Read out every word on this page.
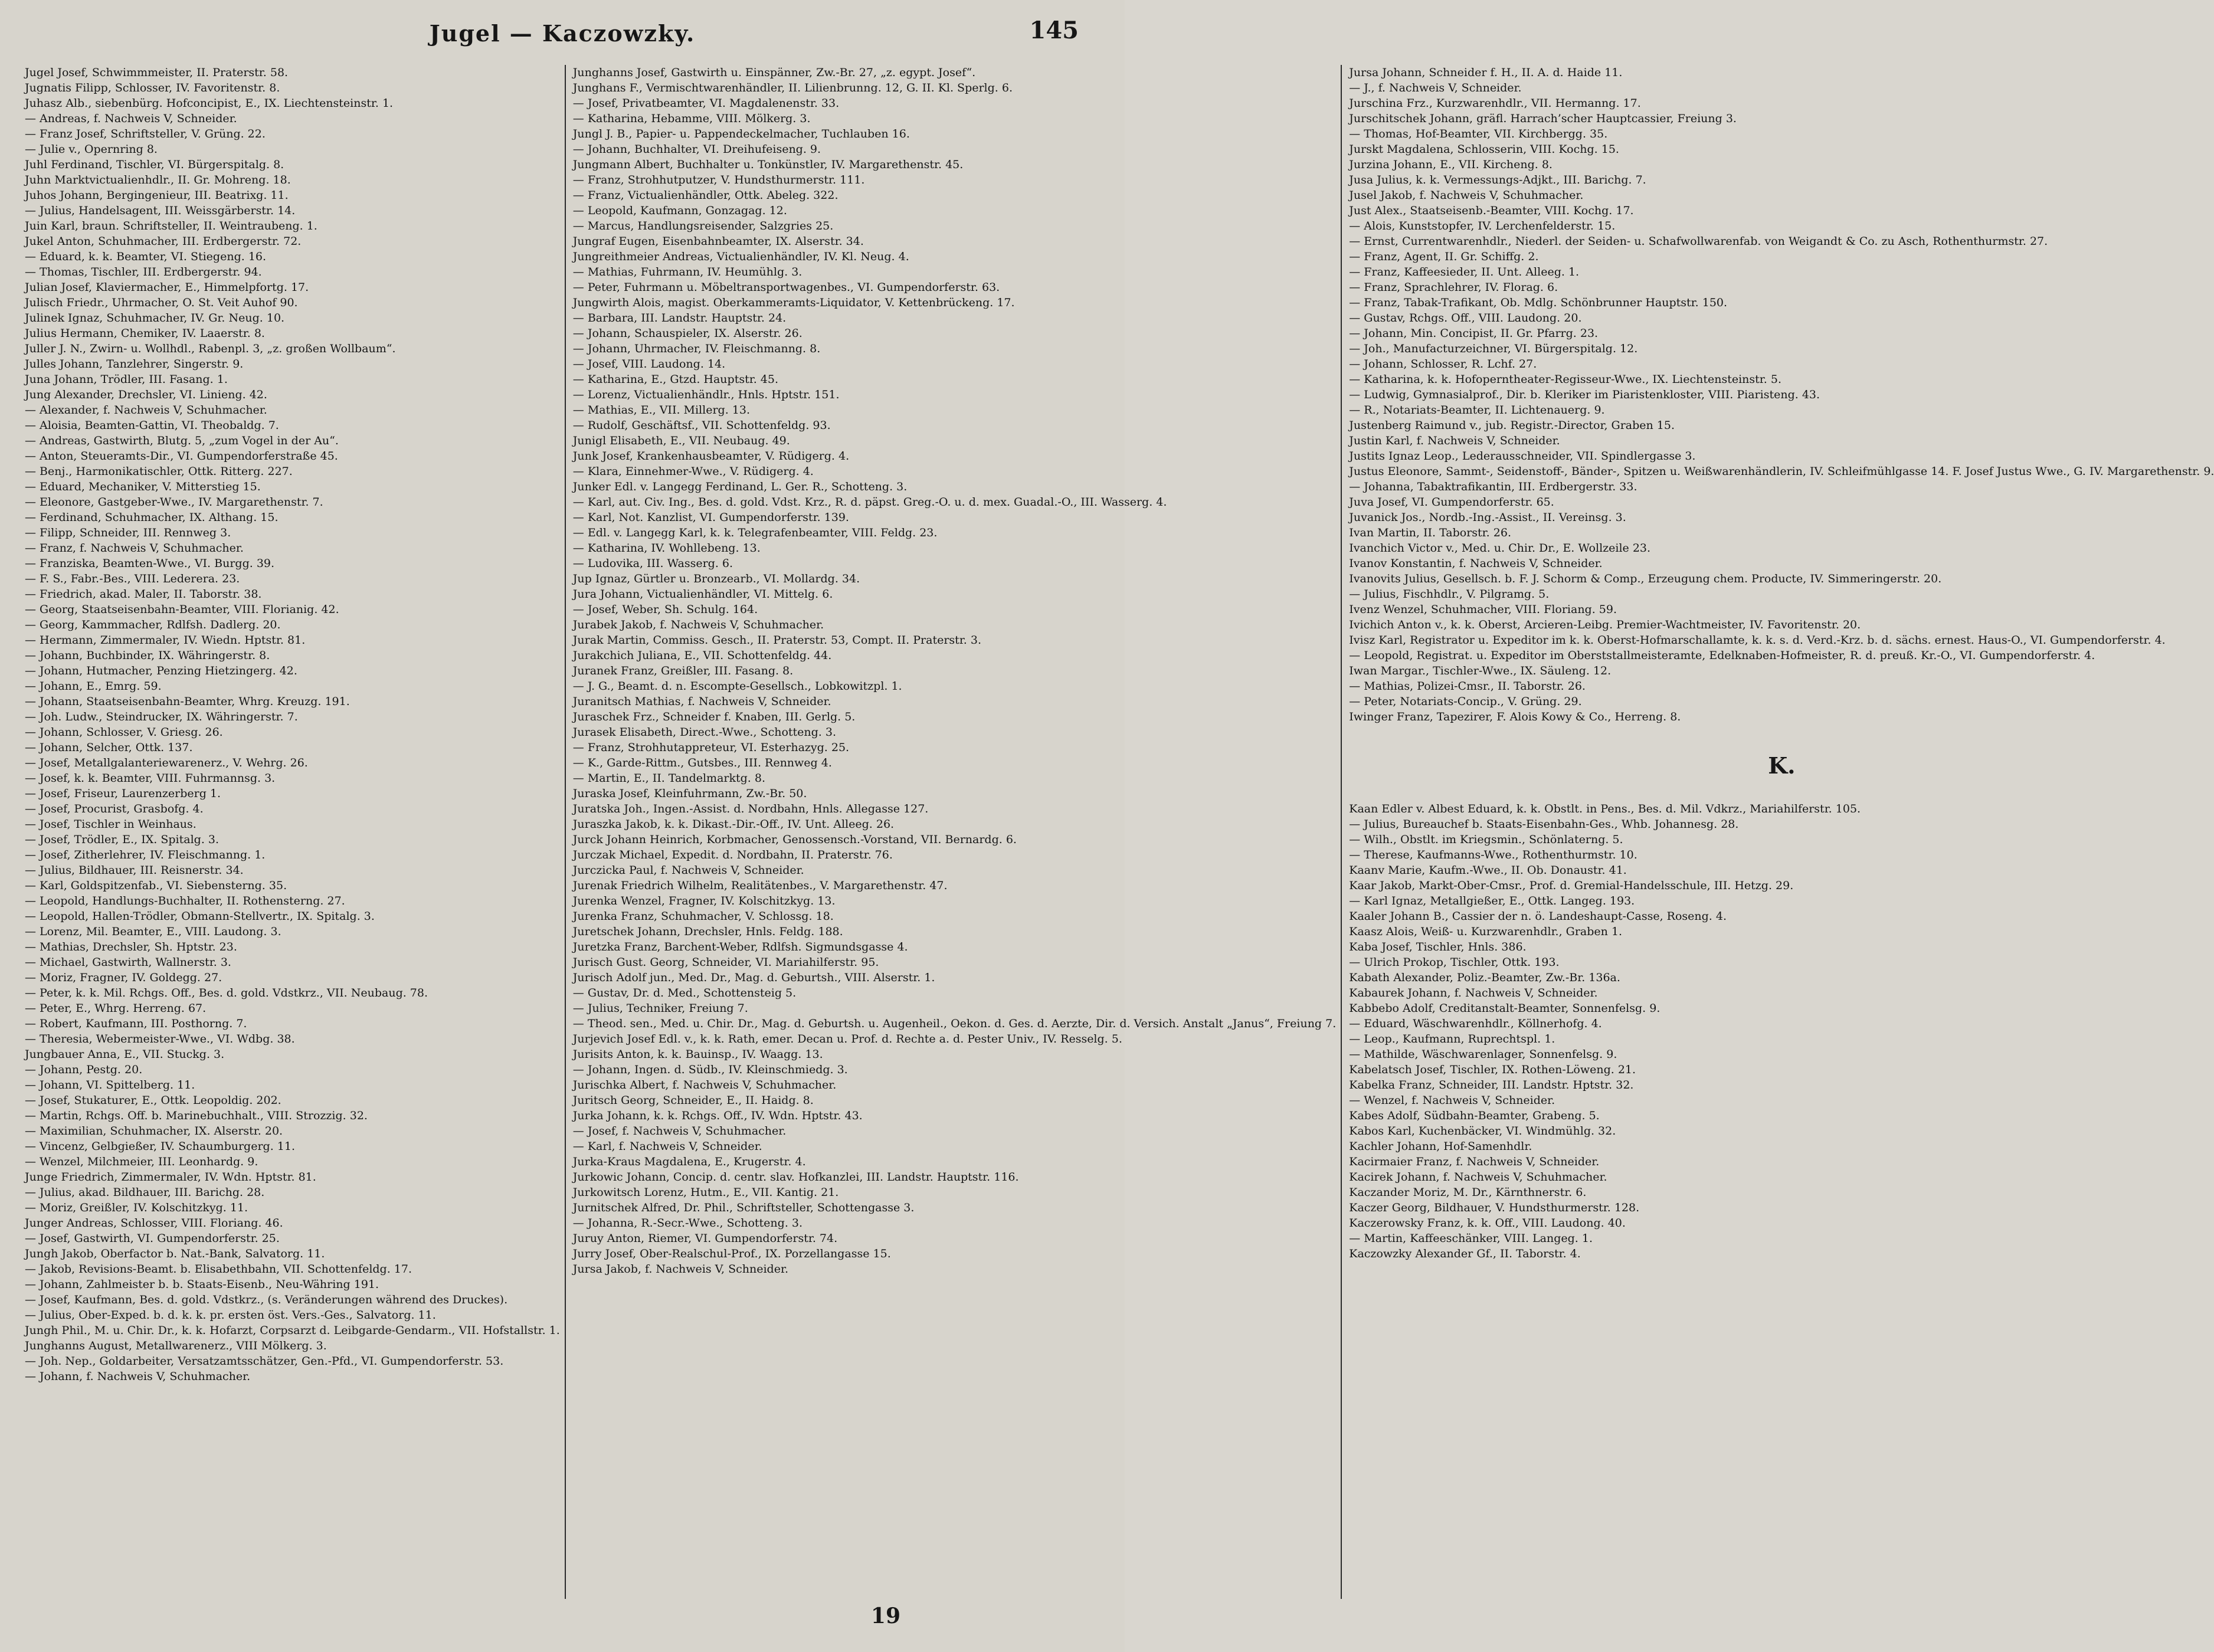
Jugel — Kaczowzky.	145
Jugel Josef, Schwimmmeister, II. Praterstr. 58.
Jugnatis Filipp, Schlosser, IV. Favoritenstr. 8.
Juhasz Alb., siebenbürg. Hofconcipist, E., IX. Liechtensteinstr. 1.
— Andreas, f. Nachweis V, Schneider.
— Franz Josef, Schriftsteller, V. Grüng. 22.
— Julie v., Opernring 8.
Juhl Ferdinand, Tischler, VI. Bürgerspitalg. 8.
Juhn Marktvictualienhdlr., II. Gr. Mohreng. 18.
Juhos Johann, Bergingenieur, III. Beatrixg. 11.
— Julius, Handelsagent, III. Weissgärberstr. 14.
Juin Karl, braun. Schriftsteller, II. Weintraubeng. 1.
Jukel Anton, Schuhmacher, III. Erdbergerstr. 72.
— Eduard, k. k. Beamter, VI. Stiegeng. 16.
— Thomas, Tischler, III. Erdbergerstr. 94.
Julian Josef, Klaviermacher, E., Himmelpfortg. 17.
Julisch Friedr., Uhrmacher, O. St. Veit Auhof 90.
Julinek Ignaz, Schuhmacher, IV. Gr. Neug. 10.
Julius Hermann, Chemiker, IV. Laaerstr. 8.
Juller J. N., Zwirn- u. Wollhdl., Rabenpl. 3, „z. großen Wollbaum“.
Julles Johann, Tanzlehrer, Singerstr. 9.
Juna Johann, Trödler, III. Fasang. 1.
Jung Alexander, Drechsler, VI. Linieng. 42.
— Alexander, f. Nachweis V, Schuhmacher.
— Aloisia, Beamten-Gattin, VI. Theobaldg. 7.
— Andreas, Gastwirth, Blutg. 5, „zum Vogel in der Au“.
— Anton, Steueramts-Dir., VI. Gumpendorferstraße 45.
— Benj., Harmonikatischler, Ottk. Ritterg. 227.
— Eduard, Mechaniker, V. Mitterstieg 15.
— Eleonore, Gastgeber-Wwe., IV. Margarethenstr. 7.
— Ferdinand, Schuhmacher, IX. Althang. 15.
— Filipp, Schneider, III. Rennweg 3.
— Franz, f. Nachweis V, Schuhmacher.
— Franziska, Beamten-Wwe., VI. Burgg. 39.
— F. S., Fabr.-Bes., VIII. Lederera. 23.
— Friedrich, akad. Maler, II. Taborstr. 38.
— Georg, Staatseisenbahn-Beamter, VIII. Florianig. 42.
— Georg, Kammmacher, Rdlfsh. Dadlerg. 20.
— Hermann, Zimmermaler, IV. Wiedn. Hptstr. 81.
— Johann, Buchbinder, IX. Währingerstr. 8.
— Johann, Hutmacher, Penzing Hietzingerg. 42.
— Johann, E., Emrg. 59.
— Johann, Staatseisenbahn-Beamter, Whrg. Kreuzg. 191.
— Joh. Ludw., Steindrucker, IX. Währingerstr. 7.
— Johann, Schlosser, V. Griesg. 26.
— Johann, Selcher, Ottk. 137.
— Josef, Metallgalanteriewarenerz., V. Wehrg. 26.
— Josef, k. k. Beamter, VIII. Fuhrmannsg. 3.
— Josef, Friseur, Laurenzerberg 1.
— Josef, Procurist, Grasbofg. 4.
— Josef, Tischler in Weinhaus.
— Josef, Trödler, E., IX. Spitalg. 3.
— Josef, Zitherlehrer, IV. Fleischmanng. 1.
— Julius, Bildhauer, III. Reisnerstr. 34.
— Karl, Goldspitzenfab., VI. Siebensterng. 35.
— Leopold, Handlungs-Buchhalter, II. Rothensterng. 27.
— Leopold, Hallen-Trödler, Obmann-Stellvertr., IX. Spitalg. 3.
— Lorenz, Mil. Beamter, E., VIII. Laudong. 3.
— Mathias, Drechsler, Sh. Hptstr. 23.
— Michael, Gastwirth, Wallnerstr. 3.
— Moriz, Fragner, IV. Goldegg. 27.
— Peter, k. k. Mil. Rchgs. Off., Bes. d. gold. Vdstkrz., VII. Neubaug. 78.
— Peter, E., Whrg. Herreng. 67.
— Robert, Kaufmann, III. Posthorng. 7.
— Theresia, Webermeister-Wwe., VI. Wdbg. 38.
Jungbauer Anna, E., VII. Stuckg. 3.
— Johann, Pestg. 20.
— Johann, VI. Spittelberg. 11.
— Josef, Stukaturer, E., Ottk. Leopoldig. 202.
— Martin, Rchgs. Off. b. Marinebuchhalt., VIII. Strozzig. 32.
— Maximilian, Schuhmacher, IX. Alserstr. 20.
— Vincenz, Gelbgießer, IV. Schaumburgerg. 11.
— Wenzel, Milchmeier, III. Leonhardg. 9.
Junge Friedrich, Zimmermaler, IV. Wdn. Hptstr. 81.
— Julius, akad. Bildhauer, III. Barichg. 28.
— Moriz, Greißler, IV. Kolschitzkyg. 11.
Junger Andreas, Schlosser, VIII. Floriang. 46.
— Josef, Gastwirth, VI. Gumpendorferstr. 25.
Jungh Jakob, Oberfactor b. Nat.-Bank, Salvatorg. 11.
— Jakob, Revisions-Beamt. b. Elisabethbahn, VII. Schottenfeldg. 17.
— Johann, Zahlmeister b. b. Staats-Eisenb., Neu-Währing 191.
— Josef, Kaufmann, Bes. d. gold. Vdstkrz., (s. Veränderungen während des Druckes).
— Julius, Ober-Exped. b. d. k. k. pr. ersten öst. Vers.-Ges., Salvatorg. 11.
Jungh Phil., M. u. Chir. Dr., k. k. Hofarzt, Corpsarzt d. Leibgarde-Gendarm., VII. Hofstallstr. 1.
Junghanns August, Metallwarenerz., VIII Mölkerg. 3.
— Joh. Nep., Goldarbeiter, Versatzamtsschätzer, Gen.-Pfd., VI. Gumpendorferstr. 53.
— Johann, f. Nachweis V, Schuhmacher.
Junghanns Josef, Gastwirth u. Einspänner, Zw.-Br. 27, „z. egypt. Josef“.
Junghans F., Vermischtwarenhändler, II. Lilienbrunng. 12, G. II. Kl. Sperlg. 6.
— Josef, Privatbeamter, VI. Magdalenenstr. 33.
— Katharina, Hebamme, VIII. Mölkerg. 3.
Jungl J. B., Papier- u. Pappendeckelmacher, Tuchlauben 16.
— Johann, Buchhalter, VI. Dreihufeiseng. 9.
Jungmann Albert, Buchhalter u. Tonkünstler, IV. Margarethenstr. 45.
— Franz, Strohhutputzer, V. Hundsthurmerstr. 111.
— Franz, Victualienhändler, Ottk. Abeleg. 322.
— Leopold, Kaufmann, Gonzagag. 12.
— Marcus, Handlungsreisender, Salzgries 25.
Jungraf Eugen, Eisenbahnbeamter, IX. Alserstr. 34.
Jungreithmeier Andreas, Victualienhändler, IV. Kl. Neug. 4.
— Mathias, Fuhrmann, IV. Heumühlg. 3.
— Peter, Fuhrmann u. Möbeltransportwagenbes., VI. Gumpendorferstr. 63.
Jungwirth Alois, magist. Oberkammeramts-Liquidator, V. Kettenbrückeng. 17.
— Barbara, III. Landstr. Hauptstr. 24.
— Johann, Schauspieler, IX. Alserstr. 26.
— Johann, Uhrmacher, IV. Fleischmanng. 8.
— Josef, VIII. Laudong. 14.
— Katharina, E., Gtzd. Hauptstr. 45.
— Lorenz, Victualienhändlr., Hnls. Hptstr. 151.
— Mathias, E., VII. Millerg. 13.
— Rudolf, Geschäftsf., VII. Schottenfeldg. 93.
Junigl Elisabeth, E., VII. Neubaug. 49.
Junk Josef, Krankenhausbeamter, V. Rüdigerg. 4.
— Klara, Einnehmer-Wwe., V. Rüdigerg. 4.
Junker Edl. v. Langegg Ferdinand, L. Ger. R., Schotteng. 3.
— Karl, aut. Civ. Ing., Bes. d. gold. Vdst. Krz., R. d. päpst. Greg.-O. u. d. mex. Guadal.-O., III. Wasserg. 4.
— Karl, Not. Kanzlist, VI. Gumpendorferstr. 139.
— Edl. v. Langegg Karl, k. k. Telegrafenbeamter, VIII. Feldg. 23.
— Katharina, IV. Wohllebeng. 13.
— Ludovika, III. Wasserg. 6.
Jup Ignaz, Gürtler u. Bronzearb., VI. Mollardg. 34.
Jura Johann, Victualienhändler, VI. Mittelg. 6.
— Josef, Weber, Sh. Schulg. 164.
Jurabek Jakob, f. Nachweis V, Schuhmacher.
Jurak Martin, Commiss. Gesch., II. Praterstr. 53, Compt. II. Praterstr. 3.
Jurakchich Juliana, E., VII. Schottenfeldg. 44.
Juranek Franz, Greißler, III. Fasang. 8.
— J. G., Beamt. d. n. Escompte-Gesellsch., Lobkowitzpl. 1.
Juranitsch Mathias, f. Nachweis V, Schneider.
Juraschek Frz., Schneider f. Knaben, III. Gerlg. 5.
Jurasek Elisabeth, Direct.-Wwe., Schotteng. 3.
— Franz, Strohhutappreteur, VI. Esterhazyg. 25.
— K., Garde-Rittm., Gutsbes., III. Rennweg 4.
— Martin, E., II. Tandelmarktg. 8.
Juraska Josef, Kleinfuhrmann, Zw.-Br. 50.
Juratska Joh., Ingen.-Assist. d. Nordbahn, Hnls. Allegasse 127.
Juraszka Jakob, k. k. Dikast.-Dir.-Off., IV. Unt. Alleeg. 26.
Jurck Johann Heinrich, Korbmacher, Genossensch.-Vorstand, VII. Bernardg. 6.
Jurczak Michael, Expedit. d. Nordbahn, II. Praterstr. 76.
Jurczicka Paul, f. Nachweis V, Schneider.
Jurenak Friedrich Wilhelm, Realitätenbes., V. Margarethenstr. 47.
Jurenka Wenzel, Fragner, IV. Kolschitzkyg. 13.
Jurenka Franz, Schuhmacher, V. Schlossg. 18.
Juretschek Johann, Drechsler, Hnls. Feldg. 188.
Juretzka Franz, Barchent-Weber, Rdlfsh. Sigmundsgasse 4.
Jurisch Gust. Georg, Schneider, VI. Mariahilferstr. 95.
Jurisch Adolf jun., Med. Dr., Mag. d. Geburtsh., VIII. Alserstr. 1.
— Gustav, Dr. d. Med., Schottensteig 5.
— Julius, Techniker, Freiung 7.
— Theod. sen., Med. u. Chir. Dr., Mag. d. Geburtsh. u. Augenheil., Oekon. d. Ges. d. Aerzte, Dir. d. Versich. Anstalt „Janus“, Freiung 7.
Jurjevich Josef Edl. v., k. k. Rath, emer. Decan u. Prof. d. Rechte a. d. Pester Univ., IV. Resselg. 5.
Jurisits Anton, k. k. Bauinsp., IV. Waagg. 13.
— Johann, Ingen. d. Südb., IV. Kleinschmiedg. 3.
Jurischka Albert, f. Nachweis V, Schuhmacher.
Juritsch Georg, Schneider, E., II. Haidg. 8.
Jurka Johann, k. k. Rchgs. Off., IV. Wdn. Hptstr. 43.
— Josef, f. Nachweis V, Schuhmacher.
— Karl, f. Nachweis V, Schneider.
Jurka-Kraus Magdalena, E., Krugerstr. 4.
Jurkowic Johann, Concip. d. centr. slav. Hofkanzlei, III. Landstr. Hauptstr. 116.
Jurkowitsch Lorenz, Hutm., E., VII. Kantig. 21.
Jurnitschek Alfred, Dr. Phil., Schriftsteller, Schottengasse 3.
— Johanna, R.-Secr.-Wwe., Schotteng. 3.
Juruy Anton, Riemer, VI. Gumpendorferstr. 74.
Jurry Josef, Ober-Realschul-Prof., IX. Porzellangasse 15.
Jursa Jakob, f. Nachweis V, Schneider.
Jursa Johann, Schneider f. H., II. A. d. Haide 11.
— J., f. Nachweis V, Schneider.
Jurschina Frz., Kurzwarenhdlr., VII. Hermanng. 17.
Jurschitschek Johann, gräfl. Harrach’scher Hauptcassier, Freiung 3.
— Thomas, Hof-Beamter, VII. Kirchbergg. 35.
Jurskt Magdalena, Schlosserin, VIII. Kochg. 15.
Jurzina Johann, E., VII. Kircheng. 8.
Jusa Julius, k. k. Vermessungs-Adjkt., III. Barichg. 7.
Jusel Jakob, f. Nachweis V, Schuhmacher.
Just Alex., Staatseisenb.-Beamter, VIII. Kochg. 17.
— Alois, Kunststopfer, IV. Lerchenfelderstr. 15.
— Ernst, Currentwarenhdlr., Niederl. der Seiden- u. Schafwollwarenfab. von Weigandt & Co. zu Asch, Rothenthurmstr. 27.
— Franz, Agent, II. Gr. Schiffg. 2.
— Franz, Kaffeesieder, II. Unt. Alleeg. 1.
— Franz, Sprachlehrer, IV. Florag. 6.
— Franz, Tabak-Trafikant, Ob. Mdlg. Schönbrunner Hauptstr. 150.
— Gustav, Rchgs. Off., VIII. Laudong. 20.
— Johann, Min. Concipist, II. Gr. Pfarrg. 23.
— Joh., Manufacturzeichner, VI. Bürgerspitalg. 12.
— Johann, Schlosser, R. Lchf. 27.
— Katharina, k. k. Hofoperntheater-Regisseur-Wwe., IX. Liechtensteinstr. 5.
— Ludwig, Gymnasialprof., Dir. b. Kleriker im Piaristenkloster, VIII. Piaristeng. 43.
— R., Notariats-Beamter, II. Lichtenauerg. 9.
Justenberg Raimund v., jub. Registr.-Director, Graben 15.
Justin Karl, f. Nachweis V, Schneider.
Justits Ignaz Leop., Lederausschneider, VII. Spindlergasse 3.
Justus Eleonore, Sammt-, Seidenstoff-, Bänder-, Spitzen u. Weißwarenhändlerin, IV. Schleifmühlgasse 14. F. Josef Justus Wwe., G. IV. Margarethenstr. 9.
— Johanna, Tabaktrafikantin, III. Erdbergerstr. 33.
Juva Josef, VI. Gumpendorferstr. 65.
Juvanick Jos., Nordb.-Ing.-Assist., II. Vereinsg. 3.
Ivan Martin, II. Taborstr. 26.
Ivanchich Victor v., Med. u. Chir. Dr., E. Wollzeile 23.
Ivanov Konstantin, f. Nachweis V, Schneider.
Ivanovits Julius, Gesellsch. b. F. J. Schorm & Comp., Erzeugung chem. Producte, IV. Simmeringerstr. 20.
— Julius, Fischhdlr., V. Pilgramg. 5.
Ivenz Wenzel, Schuhmacher, VIII. Floriang. 59.
Ivichich Anton v., k. k. Oberst, Arcieren-Leibg. Premier-Wachtmeister, IV. Favoritenstr. 20.
Ivisz Karl, Registrator u. Expeditor im k. k. Oberst-Hofmarschallamte, k. k. s. d. Verd.-Krz. b. d. sächs. ernest. Haus-O., VI. Gumpendorferstr. 4.
— Leopold, Registrat. u. Expeditor im Oberststallmeisteramte, Edelknaben-Hofmeister, R. d. preuß. Kr.-O., VI. Gumpendorferstr. 4.
Iwan Margar., Tischler-Wwe., IX. Säuleng. 12.
— Mathias, Polizei-Cmsr., II. Taborstr. 26.
— Peter, Notariats-Concip., V. Grüng. 29.
Iwinger Franz, Tapezirer, F. Alois Kowy & Co., Herreng. 8.
K.
Kaan Edler v. Albest Eduard, k. k. Obstlt. in Pens., Bes. d. Mil. Vdkrz., Mariahilferstr. 105.
— Julius, Bureauchef b. Staats-Eisenbahn-Ges., Whb. Johannesg. 28.
— Wilh., Obstlt. im Kriegsmin., Schönlaterng. 5.
— Therese, Kaufmanns-Wwe., Rothenthurmstr. 10.
Kaanv Marie, Kaufm.-Wwe., II. Ob. Donaustr. 41.
Kaar Jakob, Markt-Ober-Cmsr., Prof. d. Gremial-Handelsschule, III. Hetzg. 29.
— Karl Ignaz, Metallgießer, E., Ottk. Langeg. 193.
Kaaler Johann B., Cassier der n. ö. Landeshaupt-Casse, Roseng. 4.
Kaasz Alois, Weiß- u. Kurzwarenhdlr., Graben 1.
Kaba Josef, Tischler, Hnls. 386.
— Ulrich Prokop, Tischler, Ottk. 193.
Kabath Alexander, Poliz.-Beamter, Zw.-Br. 136a.
Kabaurek Johann, f. Nachweis V, Schneider.
Kabbebo Adolf, Creditanstalt-Beamter, Sonnenfelsg. 9.
— Eduard, Wäschwarenhdlr., Köllnerhofg. 4.
— Leop., Kaufmann, Ruprechtspl. 1.
— Mathilde, Wäschwarenlager, Sonnenfelsg. 9.
Kabelatsch Josef, Tischler, IX. Rothen-Löweng. 21.
Kabelka Franz, Schneider, III. Landstr. Hptstr. 32.
— Wenzel, f. Nachweis V, Schneider.
Kabes Adolf, Südbahn-Beamter, Grabeng. 5.
Kabos Karl, Kuchenbäcker, VI. Windmühlg. 32.
Kachler Johann, Hof-Samenhdlr.
Kacirmaier Franz, f. Nachweis V, Schneider.
Kacirek Johann, f. Nachweis V, Schuhmacher.
Kaczander Moriz, M. Dr., Kärnthnerstr. 6.
Kaczer Georg, Bildhauer, V. Hundsthurmerstr. 128.
Kaczerowsky Franz, k. k. Off., VIII. Laudong. 40.
— Martin, Kaffeeschänker, VIII. Langeg. 1.
Kaczowzky Alexander Gf., II. Taborstr. 4.
19
